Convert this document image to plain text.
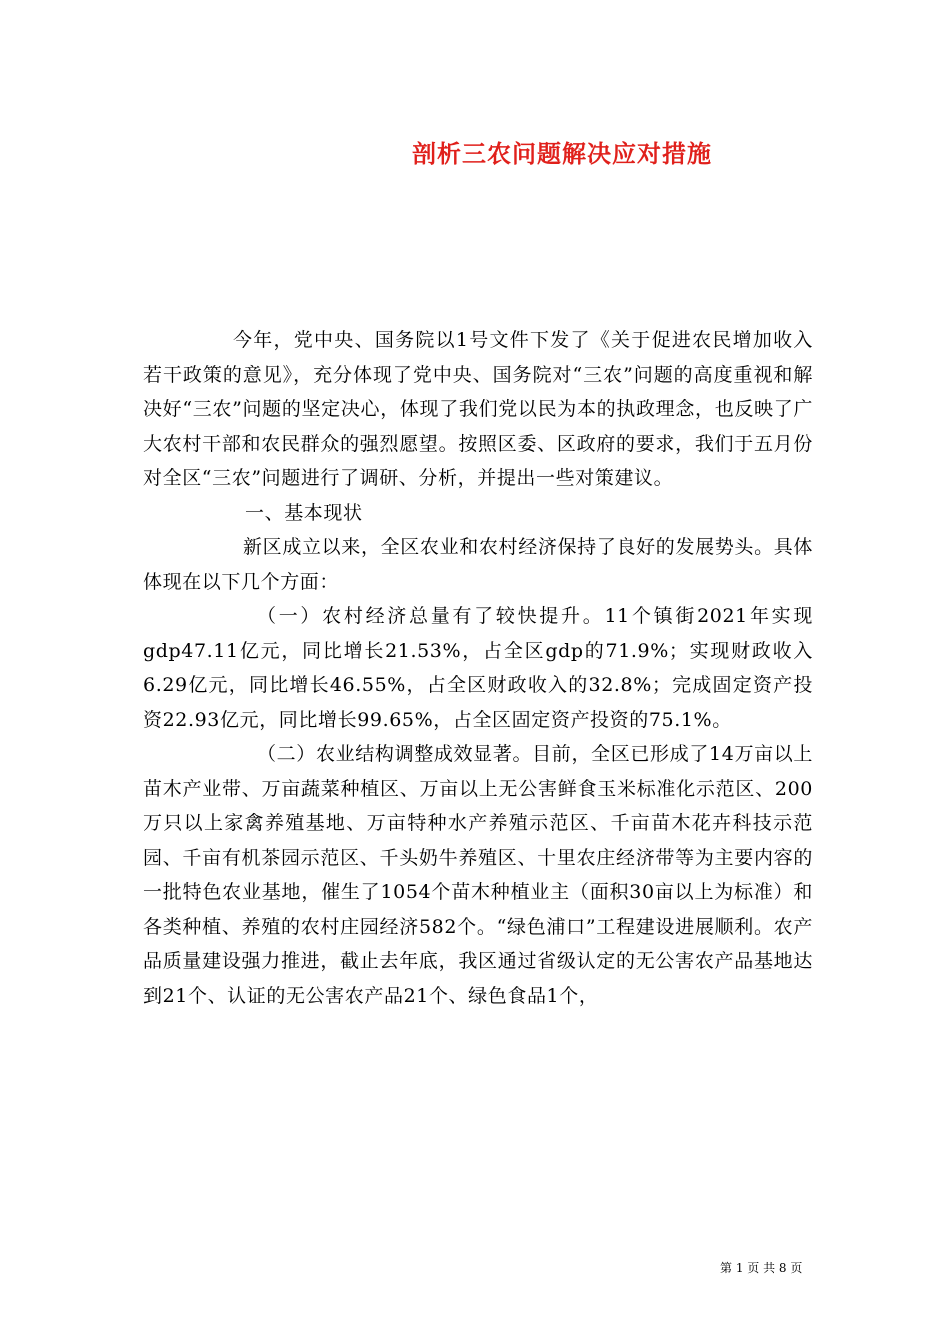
剖析三农问题解决应对措施

今年，党中央、国务院以1号文件下发了《关于促进农民增加收入若干政策的意见》，充分体现了党中央、国务院对“三农”问题的高度重视和解决好“三农”问题的坚定决心，体现了我们党以民为本的执政理念，也反映了广大农村干部和农民群众的强烈愿望。按照区委、区政府的要求，我们于五月份对全区“三农”问题进行了调研、分析，并提出一些对策建议。

一、基本现状

新区成立以来，全区农业和农村经济保持了良好的发展势头。具体体现在以下几个方面：

（一）农村经济总量有了较快提升。11个镇街2021年实现gdp47.11亿元，同比增长21.53%，占全区gdp的71.9%；实现财政收入6.29亿元，同比增长46.55%，占全区财政收入的32.8%；完成固定资产投资22.93亿元，同比增长99.65%，占全区固定资产投资的75.1%。

（二）农业结构调整成效显著。目前，全区已形成了14万亩以上苗木产业带、万亩蔬菜种植区、万亩以上无公害鲜食玉米标准化示范区、200万只以上家禽养殖基地、万亩特种水产养殖示范区、千亩苗木花卉科技示范园、千亩有机茶园示范区、千头奶牛养殖区、十里农庄经济带等为主要内容的一批特色农业基地，催生了1054个苗木种植业主（面积30亩以上为标准）和各类种植、养殖的农村庄园经济582个。“绿色浦口”工程建设进展顺利。农产品质量建设强力推进，截止去年底，我区通过省级认定的无公害农产品基地达到21个、认证的无公害农产品21个、绿色食品1个，

第 1 页 共 8 页
